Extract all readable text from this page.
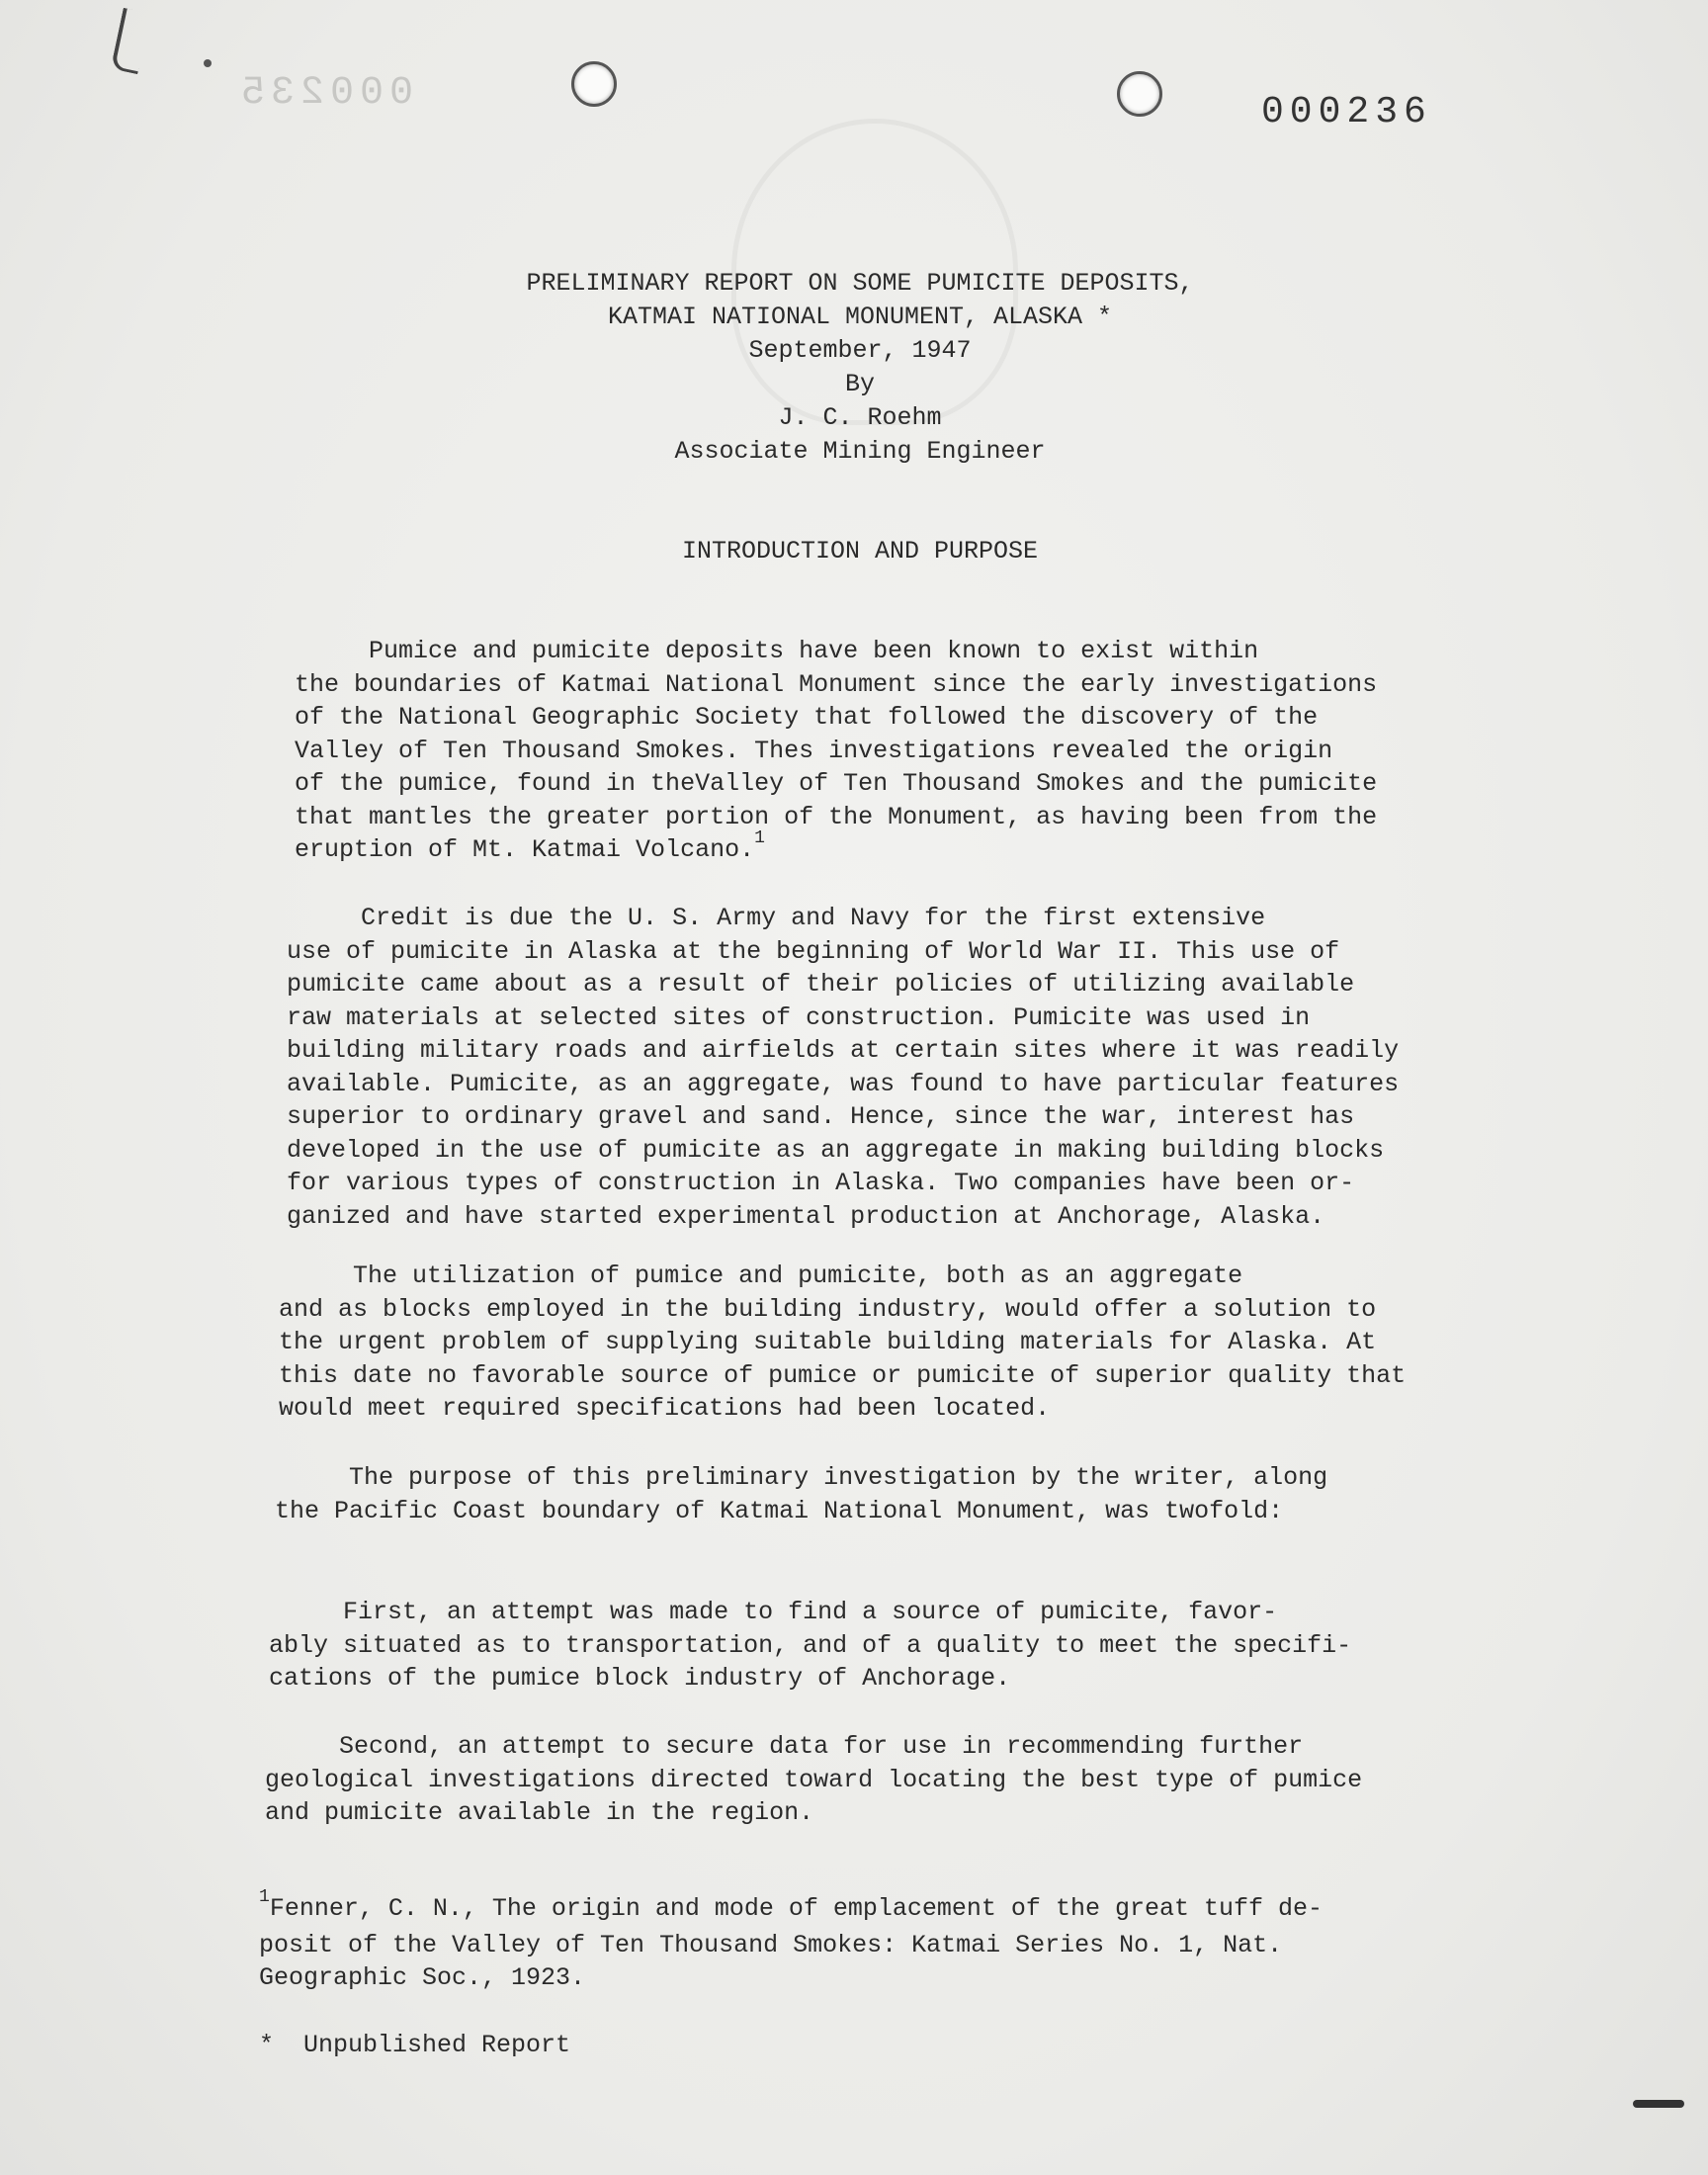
000235	000236
PRELIMINARY REPORT ON SOME PUMICITE DEPOSITS,
KATMAI NATIONAL MONUMENT, ALASKA *
September, 1947
By
J. C. Roehm
Associate Mining Engineer
INTRODUCTION AND PURPOSE
Pumice and pumicite deposits have been known to exist within
the boundaries of Katmai National Monument since the early investigations
of the National Geographic Society that followed the discovery of the
Valley of Ten Thousand Smokes. Thes investigations revealed the origin
of the pumice, found in theValley of Ten Thousand Smokes and the pumicite
that mantles the greater portion of the Monument, as having been from the
eruption of Mt. Katmai Volcano.$^1$
Credit is due the U. S. Army and Navy for the first extensive
use of pumicite in Alaska at the beginning of World War II. This use of
pumicite came about as a result of their policies of utilizing available
raw materials at selected sites of construction. Pumicite was used in
building military roads and airfields at certain sites where it was readily
available. Pumicite, as an aggregate, was found to have particular features
superior to ordinary gravel and sand. Hence, since the war, interest has
developed in the use of pumicite as an aggregate in making building blocks
for various types of construction in Alaska. Two companies have been or-
ganized and have started experimental production at Anchorage, Alaska.
The utilization of pumice and pumicite, both as an aggregate
and as blocks employed in the building industry, would offer a solution to
the urgent problem of supplying suitable building materials for Alaska. At
this date no favorable source of pumice or pumicite of superior quality that
would meet required specifications had been located.
The purpose of this preliminary investigation by the writer, along
the Pacific Coast boundary of Katmai National Monument, was twofold:
First, an attempt was made to find a source of pumicite, favor-
ably situated as to transportation, and of a quality to meet the specifi-
cations of the pumice block industry of Anchorage.
Second, an attempt to secure data for use in recommending further
geological investigations directed toward locating the best type of pumice
and pumicite available in the region.
$^1$Fenner, C. N., The origin and mode of emplacement of the great tuff de-
posit of the Valley of Ten Thousand Smokes: Katmai Series No. 1, Nat.
Geographic Soc., 1923.
*  Unpublished Report
